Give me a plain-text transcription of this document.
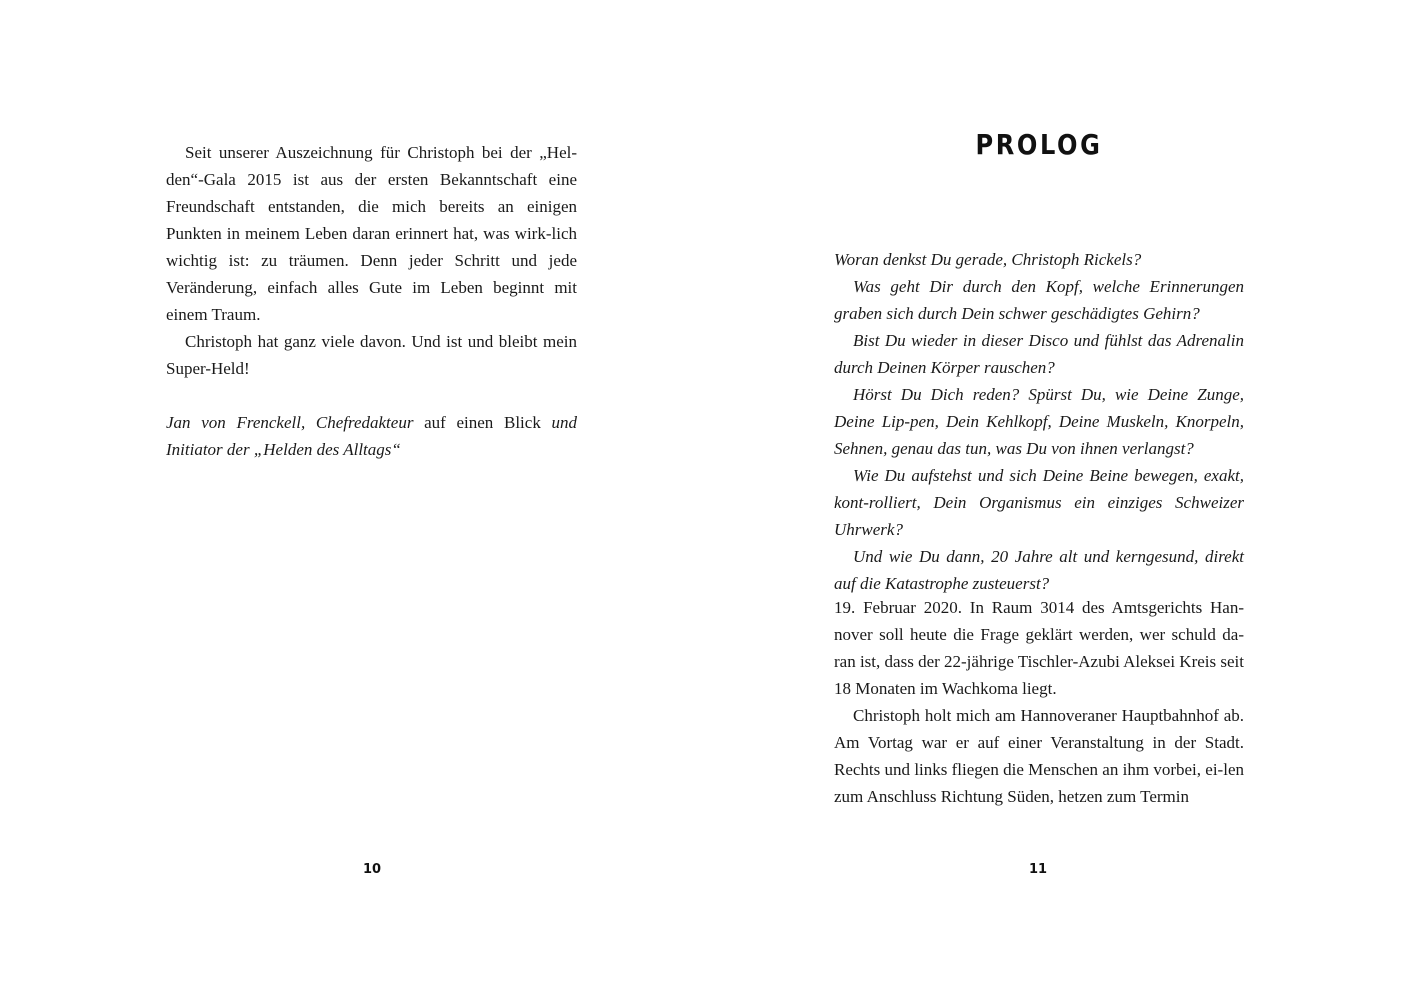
Seit unserer Auszeichnung für Christoph bei der „Hel-den“-Gala 2015 ist aus der ersten Bekanntschaft eine Freundschaft entstanden, die mich bereits an einigen Punkten in meinem Leben daran erinnert hat, was wirk-lich wichtig ist: zu träumen. Denn jeder Schritt und jede Veränderung, einfach alles Gute im Leben beginnt mit einem Traum.

Christoph hat ganz viele davon. Und ist und bleibt mein Super-Held!

Jan von Frenckell, Chefredakteur auf einen Blick und Initiator der „Helden des Alltags“

10
PROLOG

Woran denkst Du gerade, Christoph Rickels?

Was geht Dir durch den Kopf, welche Erinnerungen graben sich durch Dein schwer geschädigtes Gehirn?

Bist Du wieder in dieser Disco und fühlst das Adrenalin durch Deinen Körper rauschen?

Hörst Du Dich reden? Spürst Du, wie Deine Zunge, Deine Lip-pen, Dein Kehlkopf, Deine Muskeln, Knorpeln, Sehnen, genau das tun, was Du von ihnen verlangst?

Wie Du aufstehst und sich Deine Beine bewegen, exakt, kont-rolliert, Dein Organismus ein einziges Schweizer Uhrwerk?

Und wie Du dann, 20 Jahre alt und kerngesund, direkt auf die Katastrophe zusteuerst?

19. Februar 2020. In Raum 3014 des Amtsgerichts Han-nover soll heute die Frage geklärt werden, wer schuld da-ran ist, dass der 22-jährige Tischler-Azubi Aleksei Kreis seit 18 Monaten im Wachkoma liegt.

Christoph holt mich am Hannoveraner Hauptbahnhof ab. Am Vortag war er auf einer Veranstaltung in der Stadt. Rechts und links fliegen die Menschen an ihm vorbei, ei-len zum Anschluss Richtung Süden, hetzen zum Termin

11
